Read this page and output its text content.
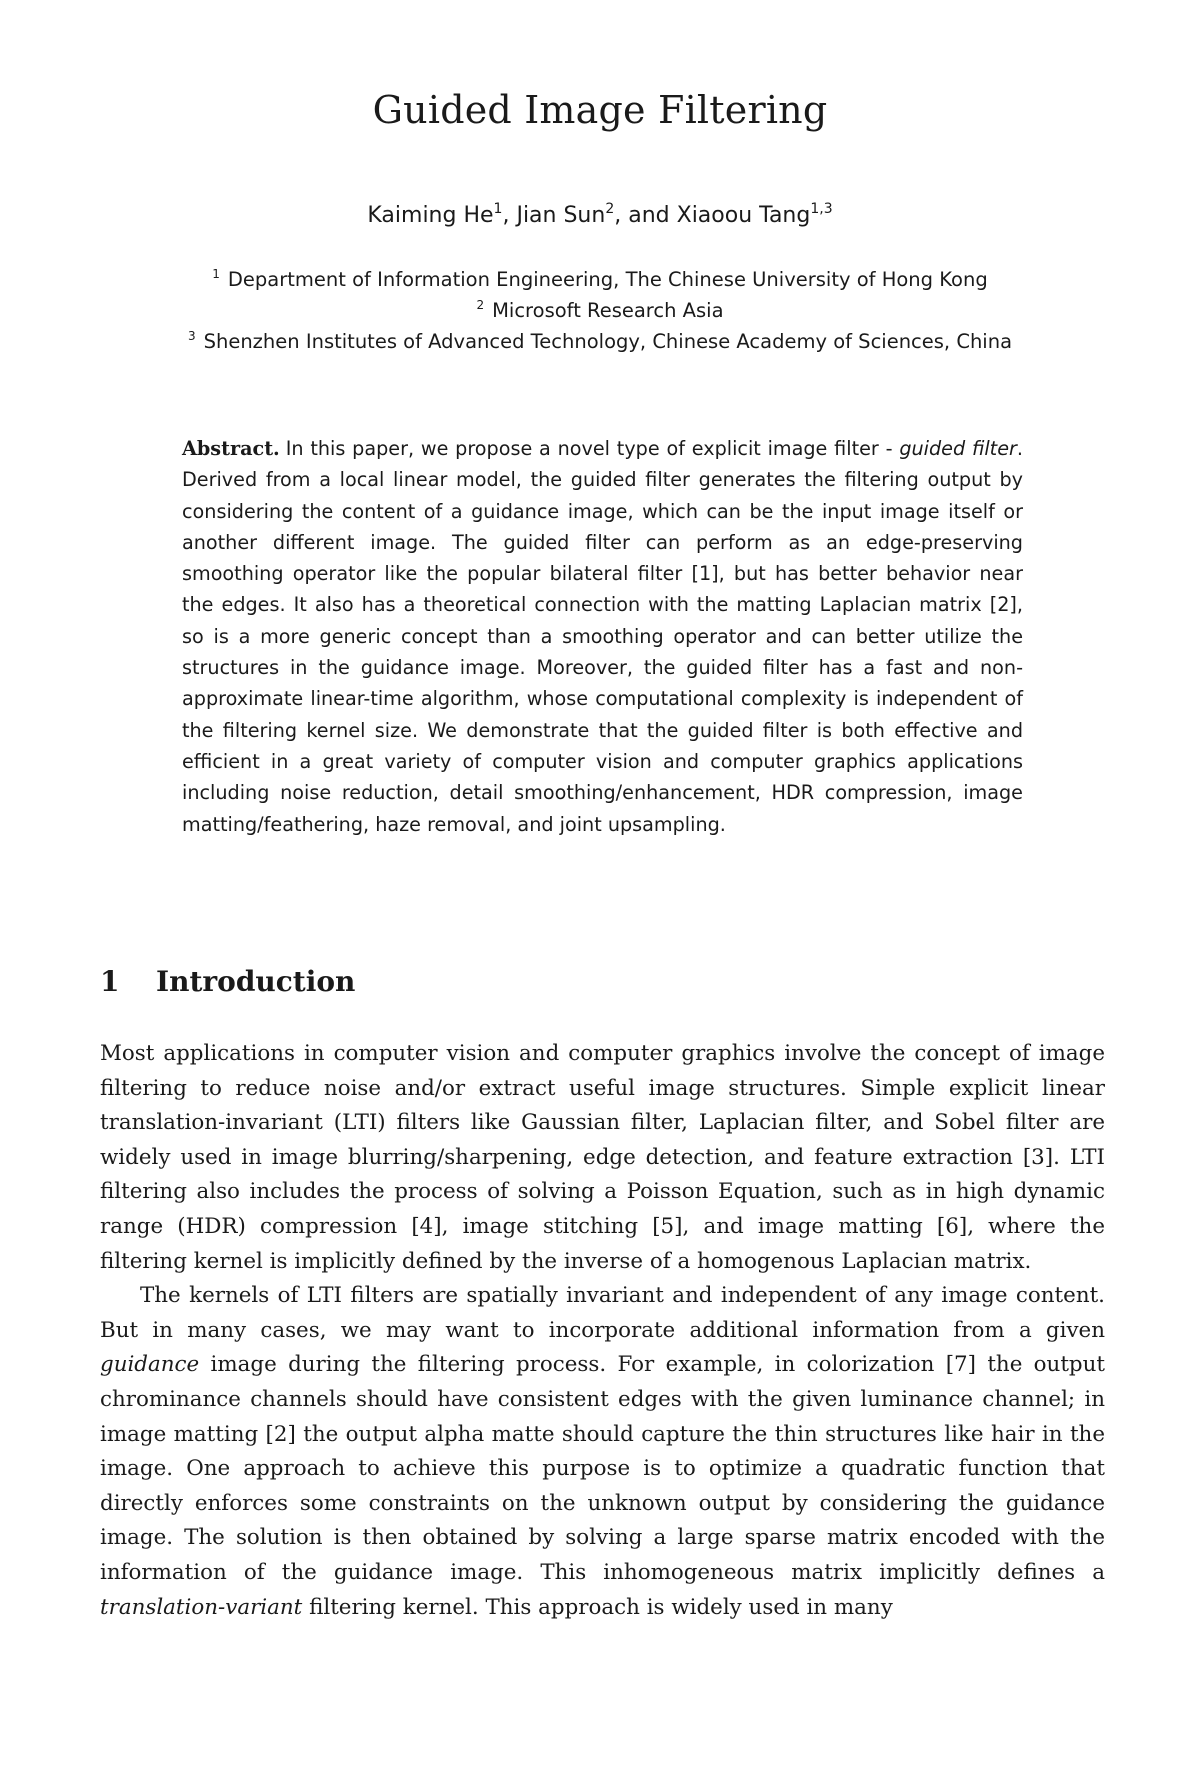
Guided Image Filtering
Kaiming He$^1$, Jian Sun$^2$, and Xiaoou Tang$^{1,3}$
$^1$ Department of Information Engineering, The Chinese University of Hong Kong
$^2$ Microsoft Research Asia
$^3$ Shenzhen Institutes of Advanced Technology, Chinese Academy of Sciences, China

Abstract. In this paper, we propose a novel type of explicit image filter - guided filter. Derived from a local linear model, the guided filter generates the filtering output by considering the content of a guidance image, which can be the input image itself or another different image. The guided filter can perform as an edge-preserving smoothing operator like the popular bilateral filter [1], but has better behavior near the edges. It also has a theoretical connection with the matting Laplacian matrix [2], so is a more generic concept than a smoothing operator and can better utilize the structures in the guidance image. Moreover, the guided filter has a fast and non-approximate linear-time algorithm, whose computational complexity is independent of the filtering kernel size. We demonstrate that the guided filter is both effective and efficient in a great variety of computer vision and computer graphics applications including noise reduction, detail smoothing/enhancement, HDR compression, image matting/feathering, haze removal, and joint upsampling.

1 Introduction

Most applications in computer vision and computer graphics involve the concept of image filtering to reduce noise and/or extract useful image structures. Simple explicit linear translation-invariant (LTI) filters like Gaussian filter, Laplacian filter, and Sobel filter are widely used in image blurring/sharpening, edge detection, and feature extraction [3]. LTI filtering also includes the process of solving a Poisson Equation, such as in high dynamic range (HDR) compression [4], image stitching [5], and image matting [6], where the filtering kernel is implicitly defined by the inverse of a homogenous Laplacian matrix.

The kernels of LTI filters are spatially invariant and independent of any image content. But in many cases, we may want to incorporate additional information from a given guidance image during the filtering process. For example, in colorization [7] the output chrominance channels should have consistent edges with the given luminance channel; in image matting [2] the output alpha matte should capture the thin structures like hair in the image. One approach to achieve this purpose is to optimize a quadratic function that directly enforces some constraints on the unknown output by considering the guidance image. The solution is then obtained by solving a large sparse matrix encoded with the information of the guidance image. This inhomogeneous matrix implicitly defines a translation-variant filtering kernel. This approach is widely used in many
